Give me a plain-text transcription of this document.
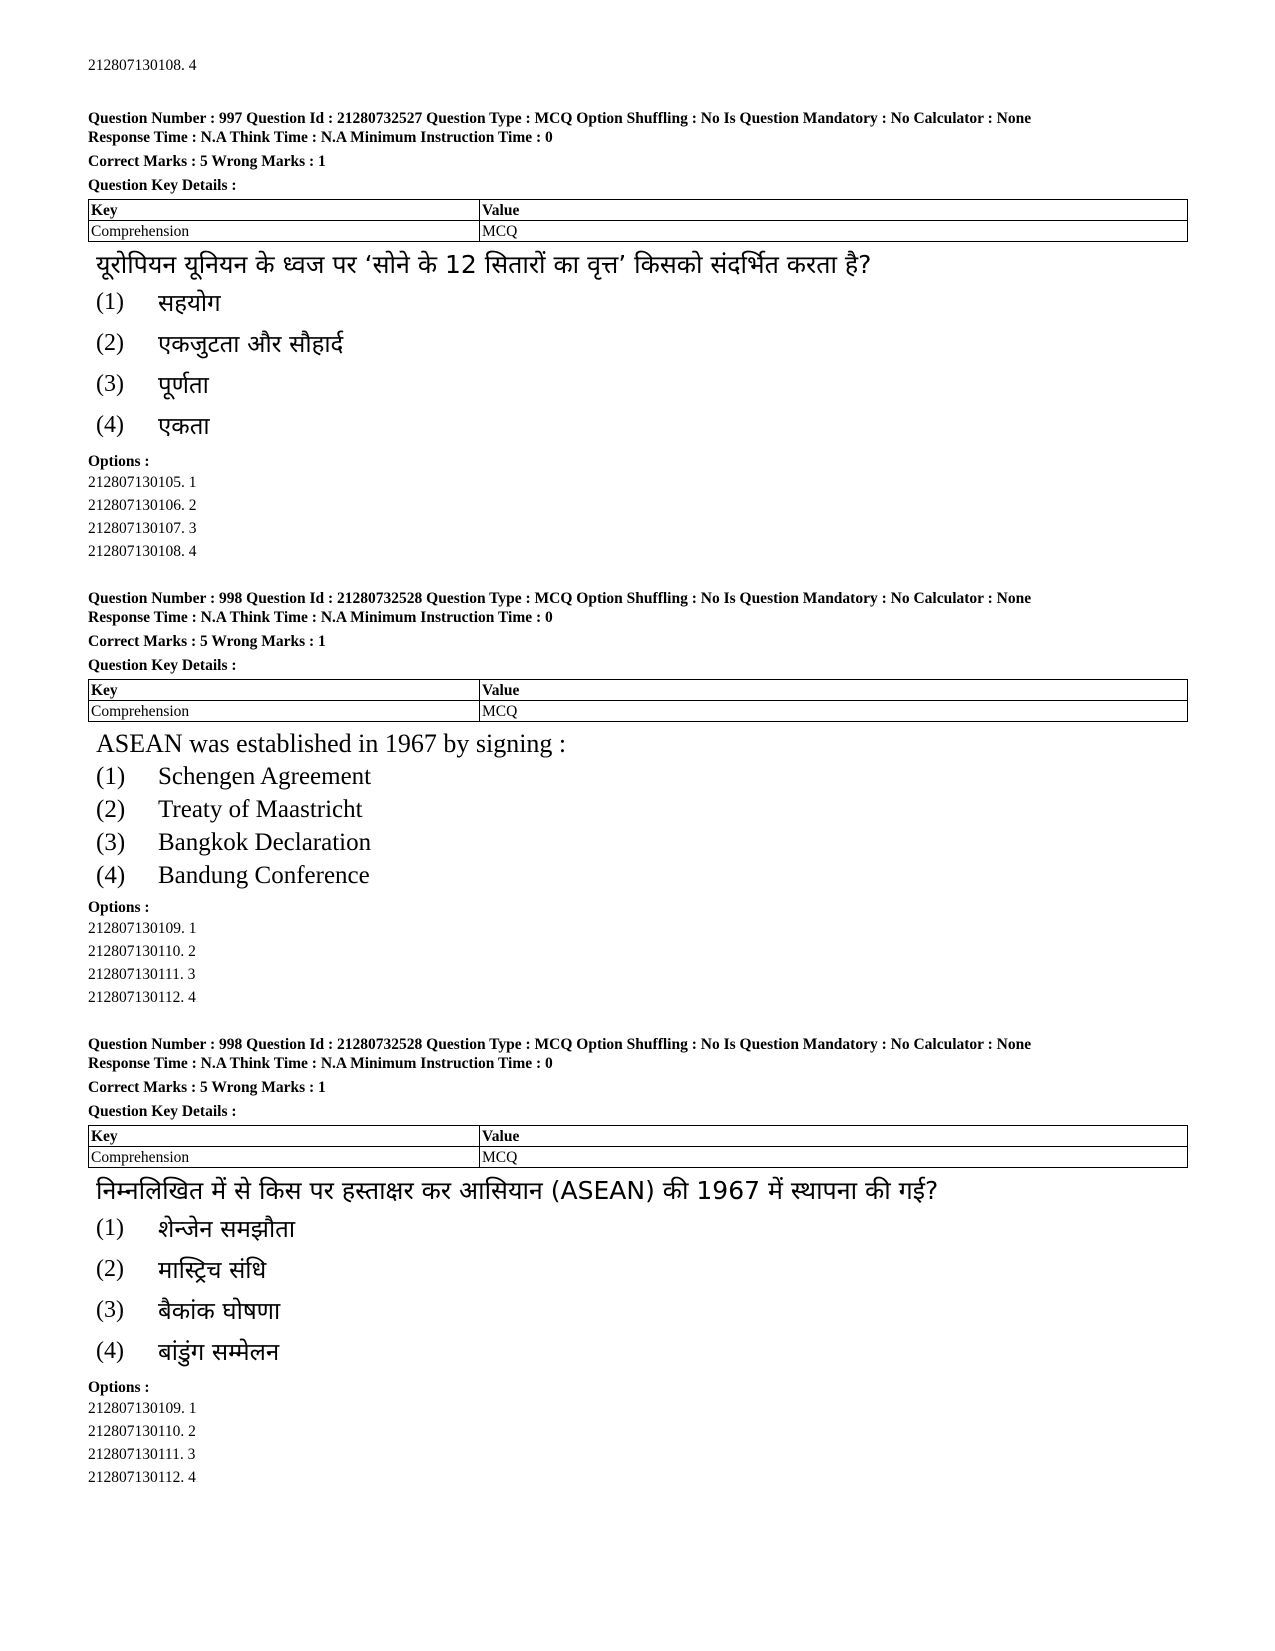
212807130108. 4

Question Number : 997 Question Id : 21280732527 Question Type : MCQ Option Shuffling : No Is Question Mandatory : No Calculator : None
Response Time : N.A Think Time : N.A Minimum Instruction Time : 0
Correct Marks : 5 Wrong Marks : 1
Question Key Details :
Key	Value
Comprehension	MCQ
यूरोपियन यूनियन के ध्वज पर ‘सोने के 12 सितारों का वृत्त’ किसको संदर्भित करता है?
(1)	सहयोग
(2)	एकजुटता और सौहार्द
(3)	पूर्णता
(4)	एकता
Options :
212807130105. 1
212807130106. 2
212807130107. 3
212807130108. 4
Question Number : 998 Question Id : 21280732528 Question Type : MCQ Option Shuffling : No Is Question Mandatory : No Calculator : None
Response Time : N.A Think Time : N.A Minimum Instruction Time : 0
Correct Marks : 5 Wrong Marks : 1
Question Key Details :
Key	Value
Comprehension	MCQ
ASEAN was established in 1967 by signing :
(1)	Schengen Agreement
(2)	Treaty of Maastricht
(3)	Bangkok Declaration
(4)	Bandung Conference
Options :
212807130109. 1
212807130110. 2
212807130111. 3
212807130112. 4
Question Number : 998 Question Id : 21280732528 Question Type : MCQ Option Shuffling : No Is Question Mandatory : No Calculator : None
Response Time : N.A Think Time : N.A Minimum Instruction Time : 0
Correct Marks : 5 Wrong Marks : 1
Question Key Details :
Key	Value
Comprehension	MCQ
निम्नलिखित में से किस पर हस्ताक्षर कर आसियान (ASEAN) की 1967 में स्थापना की गई?
(1)	शेन्जेन समझौता
(2)	मास्ट्रिच संधि
(3)	बैकांक घोषणा
(4)	बांडुंग सम्मेलन
Options :
212807130109. 1
212807130110. 2
212807130111. 3
212807130112. 4
